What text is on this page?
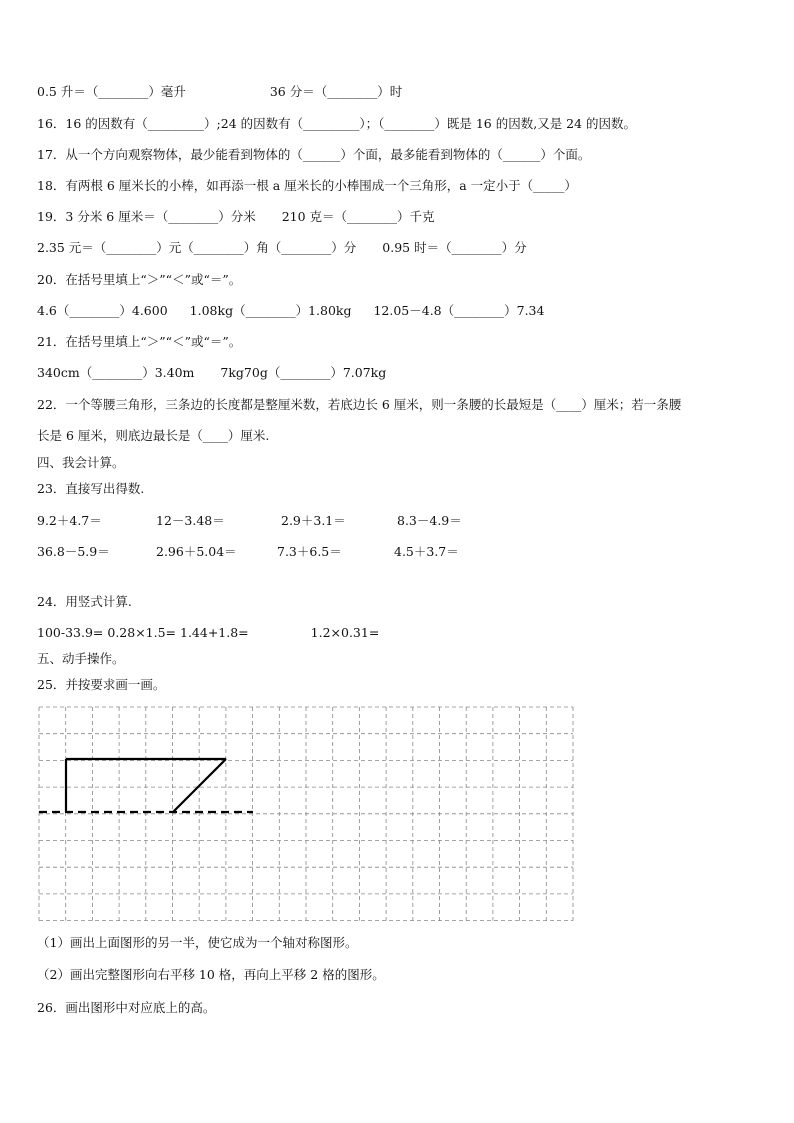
0.5 升＝（________）毫升	36 分＝（________）时
16．16 的因数有（_________）;24 的因数有（_________）；（________）既是 16 的因数,又是 24 的因数。
17．从一个方向观察物体，最少能看到物体的（______）个面，最多能看到物体的（______）个面。
18．有两根 6 厘米长的小棒，如再添一根 a 厘米长的小棒围成一个三角形，a 一定小于（_____）
19．3 分米 6 厘米＝（________）分米 210 克＝（________）千克
2.35 元＝（________）元（________）角（________）分 0.95 时＝（________）分
20．在括号里填上“＞”“＜”或“＝”。
4.6（________）4.600 1.08kg（________）1.80kg 12.05－4.8（________）7.34
21．在括号里填上“＞”“＜”或“＝”。
340cm（________）3.40m 7kg70g（________）7.07kg
22．一个等腰三角形，三条边的长度都是整厘米数，若底边长 6 厘米，则一条腰的长最短是（____）厘米；若一条腰
长是 6 厘米，则底边最长是（____）厘米.
四、我会计算。
23．直接写出得数.
9.2＋4.7＝	12－3.48＝	2.9＋3.1＝	8.3－4.9＝
36.8－5.9＝	2.96＋5.04＝	7.3＋6.5＝	4.5＋3.7＝
24．用竖式计算.
100-33.9= 0.28×1.5= 1.44+1.8=	1.2×0.31=
五、动手操作。
25．并按要求画一画。
（1）画出上面图形的另一半，使它成为一个轴对称图形。
（2）画出完整图形向右平移 10 格，再向上平移 2 格的图形。
26．画出图形中对应底上的高。
